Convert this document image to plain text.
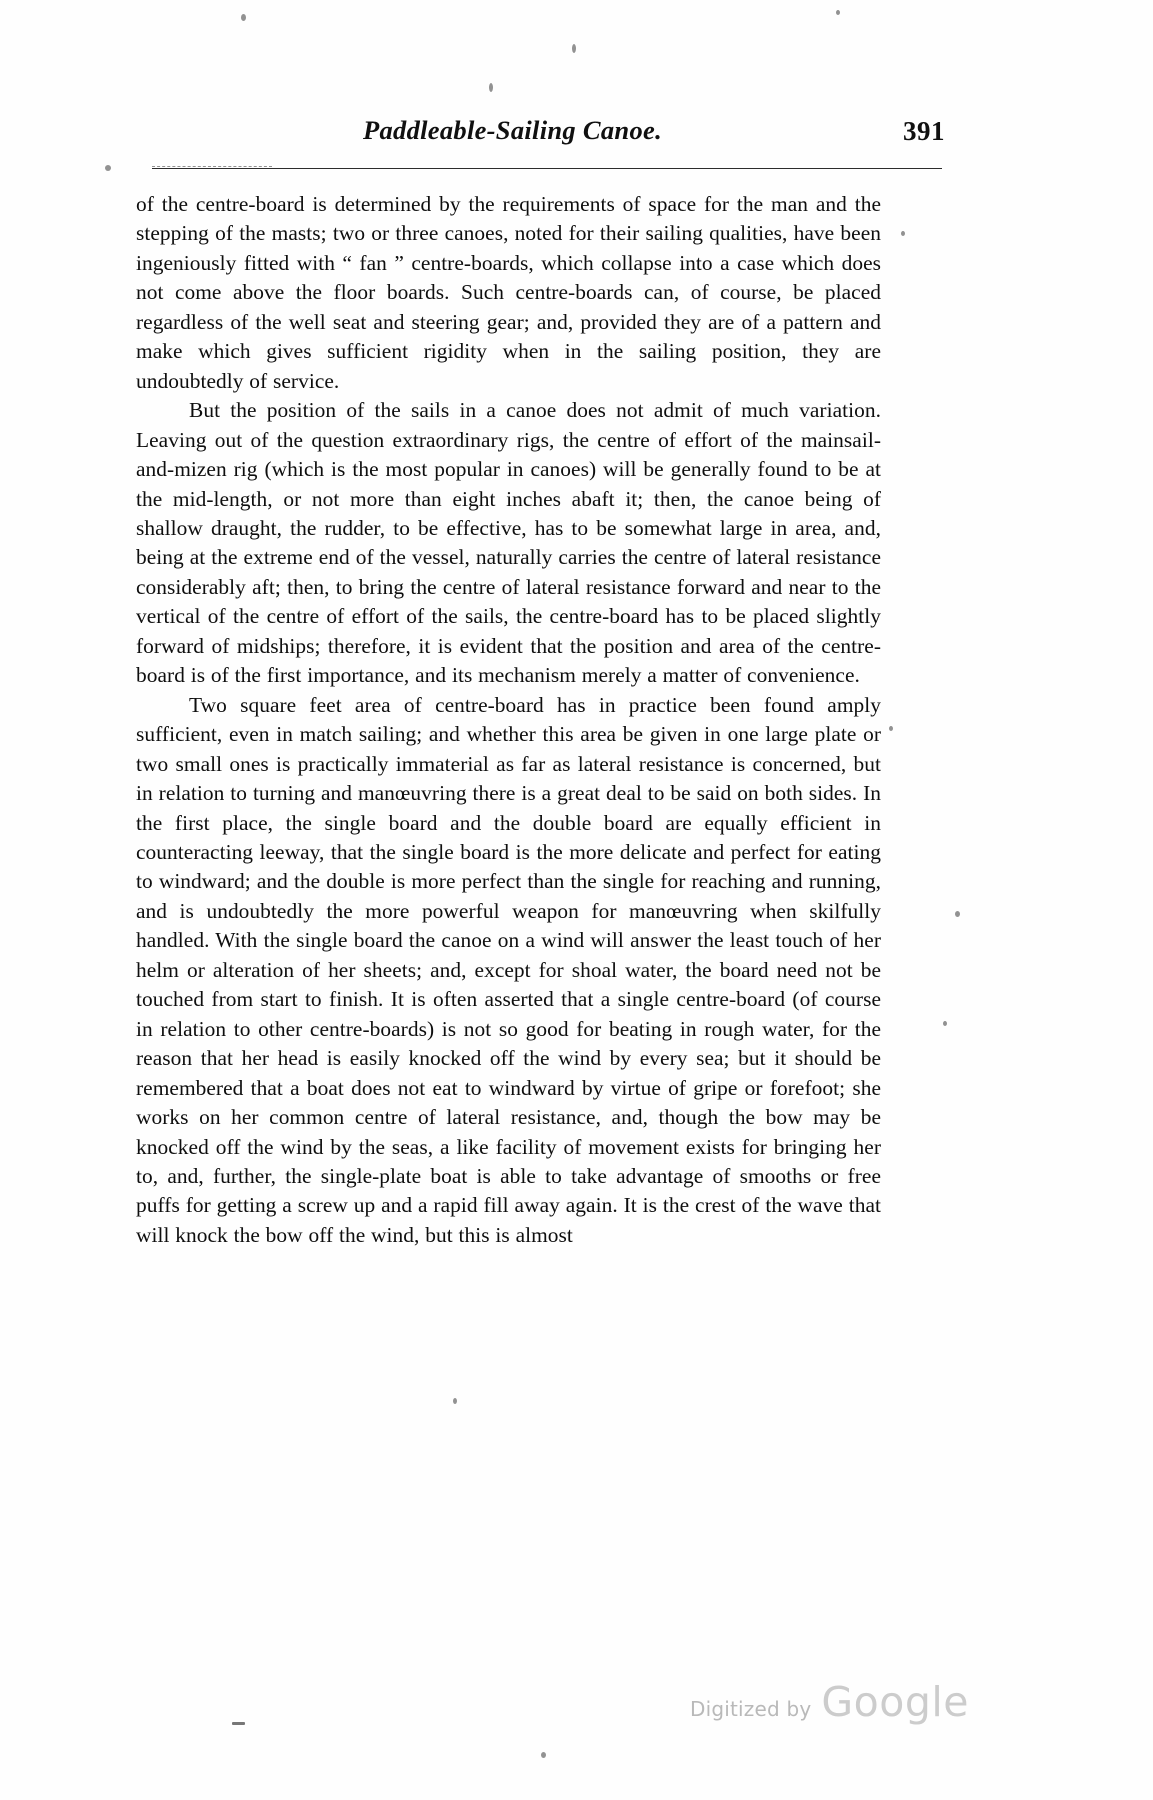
Paddleable-Sailing Canoe.	391

of the centre-board is determined by the requirements of space for the man and the stepping of the masts; two or three canoes, noted for their sailing qualities, have been ingeniously fitted with “ fan ” centre-boards, which collapse into a case which does not come above the floor boards. Such centre-boards can, of course, be placed regardless of the well seat and steering gear; and, provided they are of a pattern and make which gives sufficient rigidity when in the sailing position, they are undoubtedly of service.

But the position of the sails in a canoe does not admit of much variation. Leaving out of the question extraordinary rigs, the centre of effort of the mainsail-and-mizen rig (which is the most popular in canoes) will be generally found to be at the mid-length, or not more than eight inches abaft it; then, the canoe being of shallow draught, the rudder, to be effective, has to be somewhat large in area, and, being at the extreme end of the vessel, naturally carries the centre of lateral resistance considerably aft; then, to bring the centre of lateral resistance forward and near to the vertical of the centre of effort of the sails, the centre-board has to be placed slightly forward of midships; therefore, it is evident that the position and area of the centre-board is of the first importance, and its mechanism merely a matter of convenience.

Two square feet area of centre-board has in practice been found amply sufficient, even in match sailing; and whether this area be given in one large plate or two small ones is practically immaterial as far as lateral resistance is concerned, but in relation to turning and manœuvring there is a great deal to be said on both sides. In the first place, the single board and the double board are equally efficient in counteracting leeway, that the single board is the more delicate and perfect for eating to windward; and the double is more perfect than the single for reaching and running, and is undoubtedly the more powerful weapon for manœuvring when skilfully handled. With the single board the canoe on a wind will answer the least touch of her helm or alteration of her sheets; and, except for shoal water, the board need not be touched from start to finish. It is often asserted that a single centre-board (of course in relation to other centre-boards) is not so good for beating in rough water, for the reason that her head is easily knocked off the wind by every sea; but it should be remembered that a boat does not eat to windward by virtue of gripe or forefoot; she works on her common centre of lateral resistance, and, though the bow may be knocked off the wind by the seas, a like facility of movement exists for bringing her to, and, further, the single-plate boat is able to take advantage of smooths or free puffs for getting a screw up and a rapid fill away again. It is the crest of the wave that will knock the bow off the wind, but this is almost

Digitized by Google
